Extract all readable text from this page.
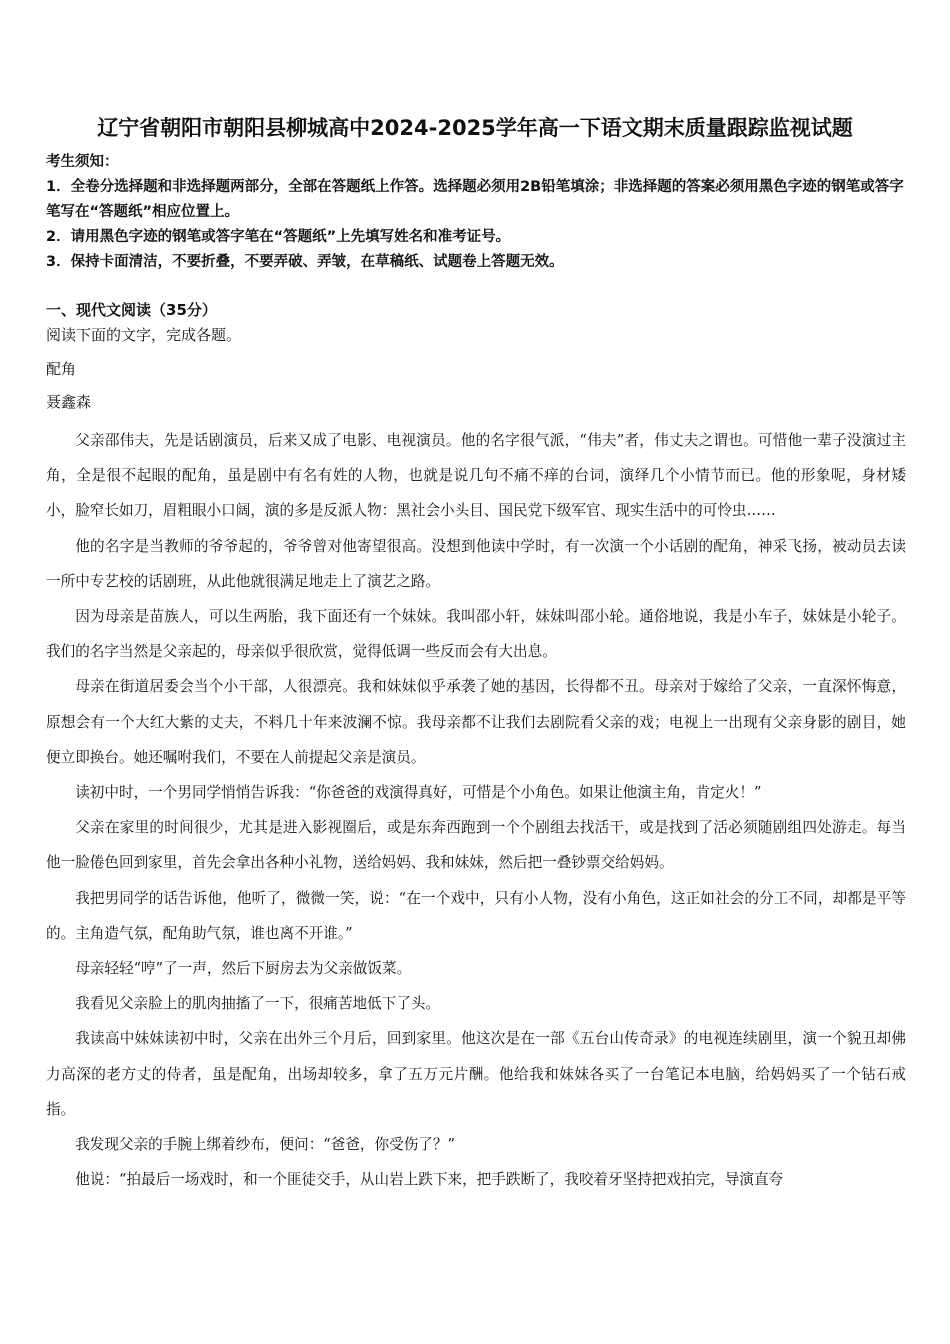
辽宁省朝阳市朝阳县柳城高中2024-2025学年高一下语文期末质量跟踪监视试题

考生须知：

1．全卷分选择题和非选择题两部分，全部在答题纸上作答。选择题必须用2B铅笔填涂；非选择题的答案必须用黑色字迹的钢笔或答字笔写在“答题纸”相应位置上。

2．请用黑色字迹的钢笔或答字笔在“答题纸”上先填写姓名和准考证号。

3．保持卡面清洁，不要折叠，不要弄破、弄皱，在草稿纸、试题卷上答题无效。

一、现代文阅读（35分）
阅读下面的文字，完成各题。
配角
聂鑫森

父亲邵伟夫，先是话剧演员，后来又成了电影、电视演员。他的名字很气派，“伟夫”者，伟丈夫之谓也。可惜他一辈子没演过主角，全是很不起眼的配角，虽是剧中有名有姓的人物，也就是说几句不痛不痒的台词，演绎几个小情节而已。他的形象呢，身材矮小，脸窄长如刀，眉粗眼小口阔，演的多是反派人物：黑社会小头目、国民党下级军官、现实生活中的可怜虫……

他的名字是当教师的爷爷起的，爷爷曾对他寄望很高。没想到他读中学时，有一次演一个小话剧的配角，神采飞扬，被动员去读一所中专艺校的话剧班，从此他就很满足地走上了演艺之路。

因为母亲是苗族人，可以生两胎，我下面还有一个妹妹。我叫邵小轩，妹妹叫邵小轮。通俗地说，我是小车子，妹妹是小轮子。我们的名字当然是父亲起的，母亲似乎很欣赏，觉得低调一些反而会有大出息。

母亲在街道居委会当个小干部，人很漂亮。我和妹妹似乎承袭了她的基因，长得都不丑。母亲对于嫁给了父亲，一直深怀悔意，原想会有一个大红大紫的丈夫，不料几十年来波澜不惊。我母亲都不让我们去剧院看父亲的戏；电视上一出现有父亲身影的剧目，她便立即换台。她还嘱咐我们，不要在人前提起父亲是演员。

读初中时，一个男同学悄悄告诉我：“你爸爸的戏演得真好，可惜是个小角色。如果让他演主角，肯定火！”

父亲在家里的时间很少，尤其是进入影视圈后，或是东奔西跑到一个个剧组去找活干，或是找到了活必须随剧组四处游走。每当他一脸倦色回到家里，首先会拿出各种小礼物，送给妈妈、我和妹妹，然后把一叠钞票交给妈妈。

我把男同学的话告诉他，他听了，微微一笑，说：“在一个戏中，只有小人物，没有小角色，这正如社会的分工不同，却都是平等的。主角造气氛，配角助气氛，谁也离不开谁。”

母亲轻轻“哼”了一声，然后下厨房去为父亲做饭菜。

我看见父亲脸上的肌肉抽搐了一下，很痛苦地低下了头。

我读高中妹妹读初中时，父亲在出外三个月后，回到家里。他这次是在一部《五台山传奇录》的电视连续剧里，演一个貌丑却佛力高深的老方丈的侍者，虽是配角，出场却较多，拿了五万元片酬。他给我和妹妹各买了一台笔记本电脑，给妈妈买了一个钻石戒指。

我发现父亲的手腕上绑着纱布，便问：“爸爸，你受伤了？”

他说：“拍最后一场戏时，和一个匪徒交手，从山岩上跌下来，把手跌断了，我咬着牙坚持把戏拍完，导演直夸
